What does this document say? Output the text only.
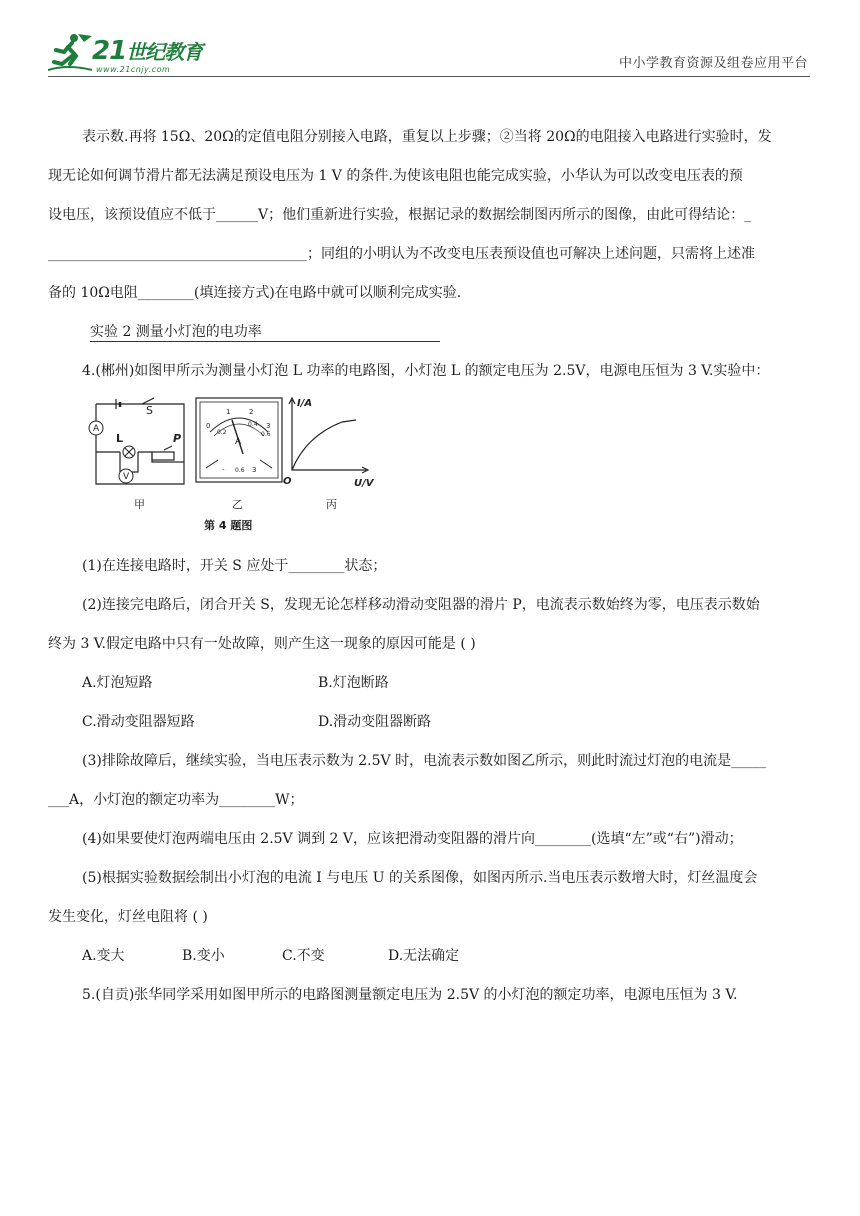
21世纪教育
www.21cnjy.com	中小学教育资源及组卷应用平台
表示数.再将 15Ω、20Ω的定值电阻分别接入电路，重复以上步骤；②当将 20Ω的电阻接入电路进行实验时，发
现无论如何调节滑片都无法满足预设电压为 1 V 的条件.为使该电阻也能完成实验，小华认为可以改变电压表的预
设电压，该预设值应不低于______V；他们重新进行实验，根据记录的数据绘制图丙所示的图像，由此可得结论：_
_____________________________________；同组的小明认为不改变电压表预设值也可解决上述问题，只需将上述准
备的 10Ω电阻________(填连接方式)在电路中就可以顺利完成实验.
实验 2 测量小灯泡的电功率
4.(郴州)如图甲所示为测量小灯泡 L 功率的电路图，小灯泡 L 的额定电压为 2.5V，电源电压恒为 3 V.实验中：
(1)在连接电路时，开关 S 应处于________状态；
(2)连接完电路后，闭合开关 S，发现无论怎样移动滑动变阻器的滑片 P，电流表示数始终为零，电压表示数始
终为 3 V.假定电路中只有一处故障，则产生这一现象的原因可能是 ( )
A.灯泡短路	B.灯泡断路
C.滑动变阻器短路	D.滑动变阻器断路
(3)排除故障后，继续实验，当电压表示数为 2.5V 时，电流表示数如图乙所示，则此时流过灯泡的电流是_____
___A，小灯泡的额定功率为________W；
(4)如果要使灯泡两端电压由 2.5V 调到 2 V，应该把滑动变阻器的滑片向________(选填“左”或“右”)滑动；
(5)根据实验数据绘制出小灯泡的电流 I 与电压 U 的关系图像，如图丙所示.当电压表示数增大时，灯丝温度会
发生变化，灯丝电阻将 ( )
A.变大	B.变小	C.不变	D.无法确定
5.(自贡)张华同学采用如图甲所示的电路图测量额定电压为 2.5V 的小灯泡的额定功率，电源电压恒为 3 V.
A
V
S
L	P
0
1	2
3
0.2
0.4
0.6
A
- 0.6 3
I/A
O	U/V
甲	乙	丙
第 4 题图
